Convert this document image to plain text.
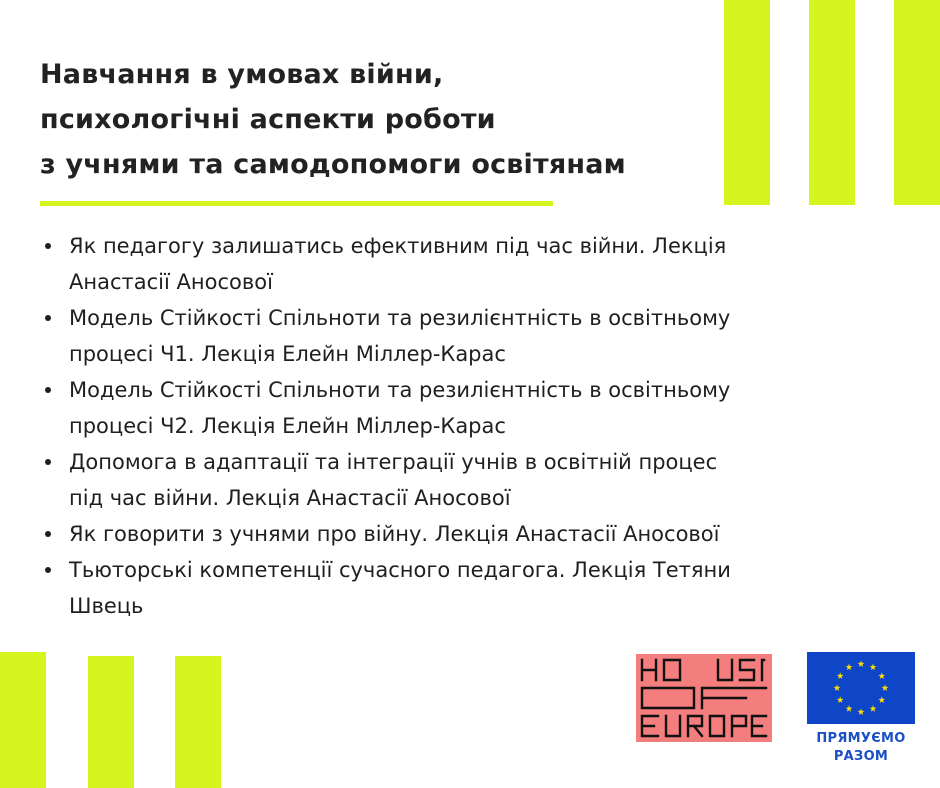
Навчання в умовах війни,
психологічні аспекти роботи
з учнями та самодопомоги освітянам
Як педагогу залишатись ефективним під час війни. Лекція
Анастасії Аносової
Модель Стійкості Спільноти та резилієнтність в освітньому
процесі Ч1. Лекція Елейн Міллер-Карас
Модель Стійкості Спільноти та резилієнтність в освітньому
процесі Ч2. Лекція Елейн Міллер-Карас
Допомога в адаптації та інтеграції учнів в освітній процес
під час війни. Лекція Анастасії Аносової
Як говорити з учнями про війну. Лекція Анастасії Аносової
Тьюторські компетенції сучасного педагога. Лекція Тетяни
Швець
ПРЯМУЄМО
РАЗОМ
